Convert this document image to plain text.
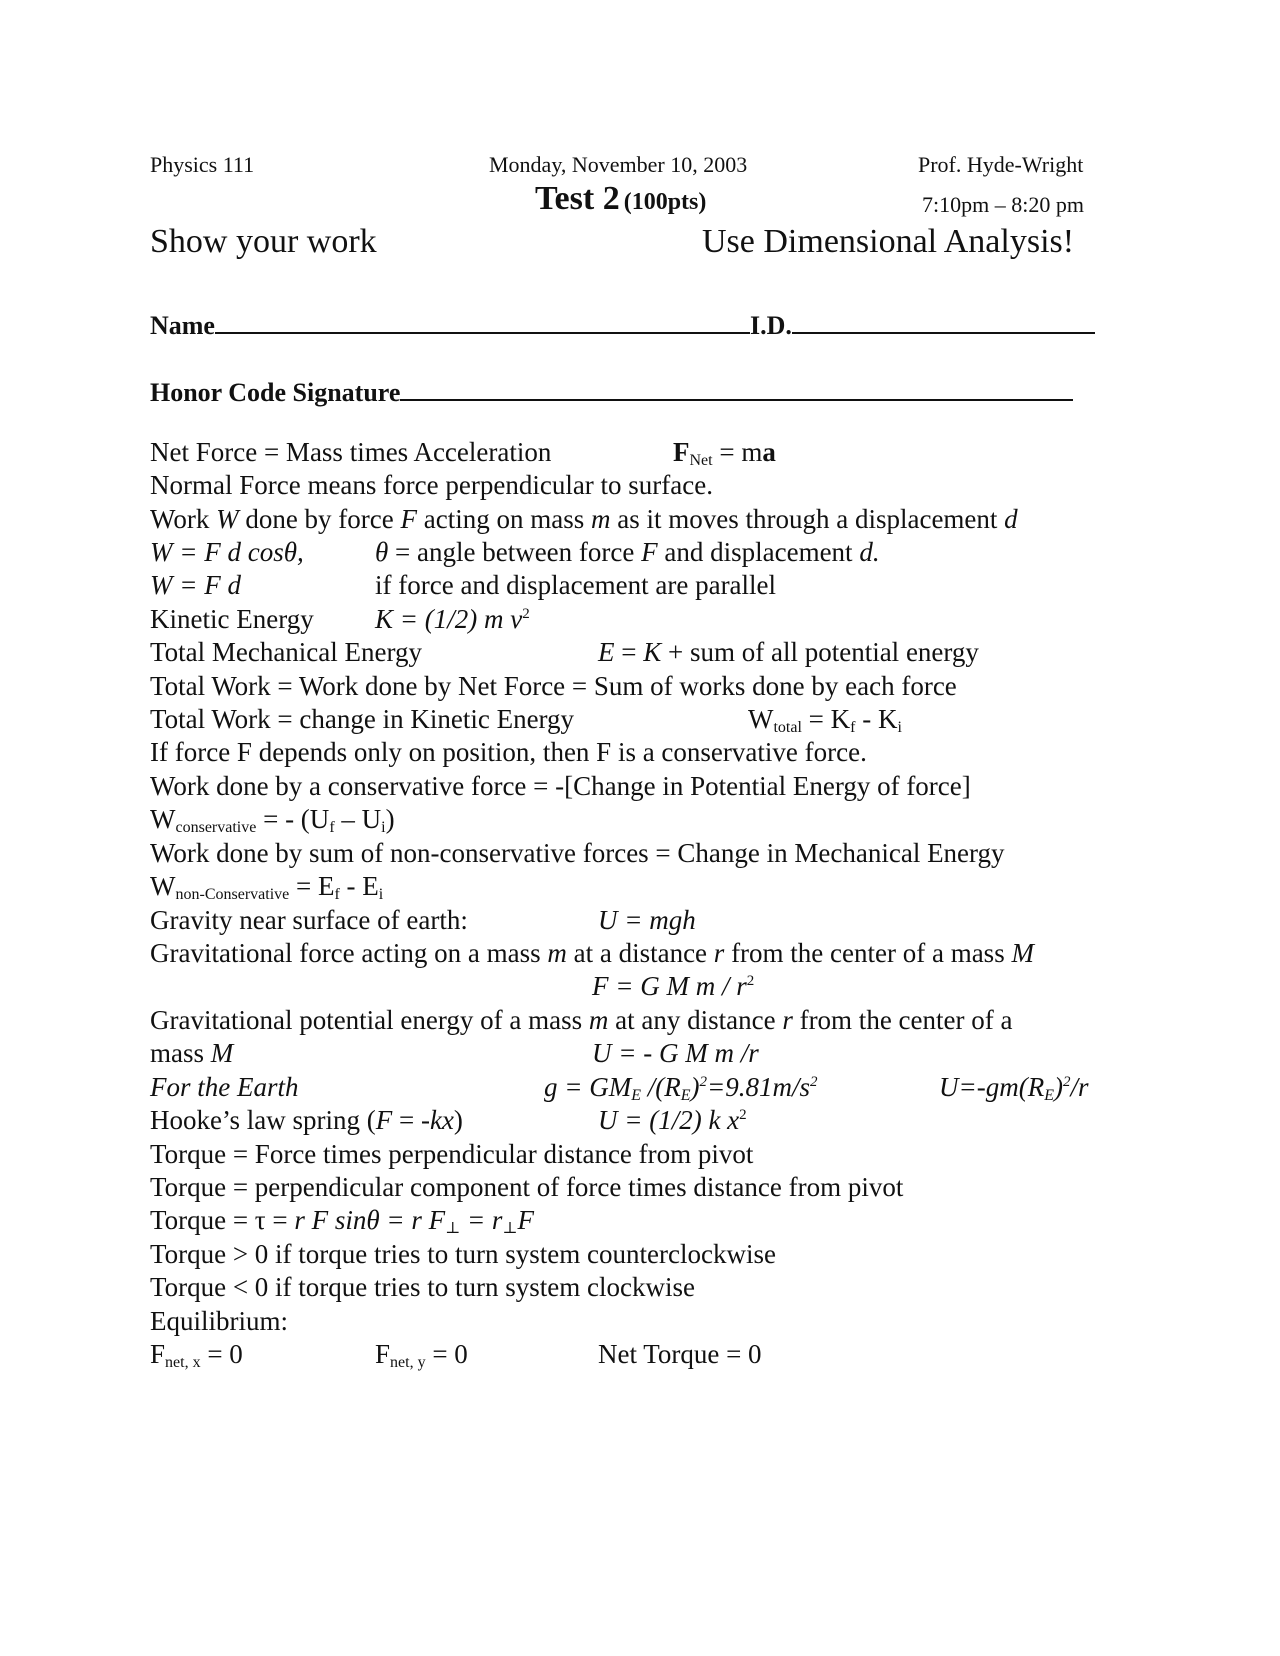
Physics 111	Monday, November 10, 2003	Prof. Hyde-Wright
Test 2 (100pts)	7:10pm – 8:20 pm
Show your work	Use Dimensional Analysis!
Name	I.D.
Honor Code Signature
Net Force = Mass times Acceleration	$F_{Net}$ = ma
Normal Force means force perpendicular to surface.
Work W done by force F acting on mass m as it moves through a displacement d
W = F d cosθ,	θ = angle between force F and displacement d.
W = F d	if force and displacement are parallel
Kinetic Energy K = (1/2) m $v^2$
Total Mechanical Energy	E = K + sum of all potential energy
Total Work = Work done by Net Force = Sum of works done by each force
Total Work = change in Kinetic Energy	$W_{total} = K_f - K_i$
If force F depends only on position, then F is a conservative force.
Work done by a conservative force = -[Change in Potential Energy of force]
$W_{conservative}$ = - $(U_f - U_i)$
Work done by sum of non-conservative forces = Change in Mechanical Energy
$W_{non-Conservative} = E_f - E_i$
Gravity near surface of earth:	U = mgh
Gravitational force acting on a mass m at a distance r from the center of a mass M
F = G M m / $r^2$
Gravitational potential energy of a mass m at any distance r from the center of a
mass M	U = - G M m /r
For the Earth	$g = GM_E$ $/(R_E)^2=9.81m/s^2$	$U=-gm(R_E)^2/r$
Hooke’s law spring (F = -kx)	U = (1/2) k $x^2$
Torque = Force times perpendicular distance from pivot
Torque = perpendicular component of force times distance from pivot
Torque = τ = r F sinθ = r $F_\perp = r_\perp F$
Torque > 0 if torque tries to turn system counterclockwise
Torque < 0 if torque tries to turn system clockwise
Equilibrium:
$F_{net, x} = 0$	$F_{net, y} = 0$	Net Torque = 0
